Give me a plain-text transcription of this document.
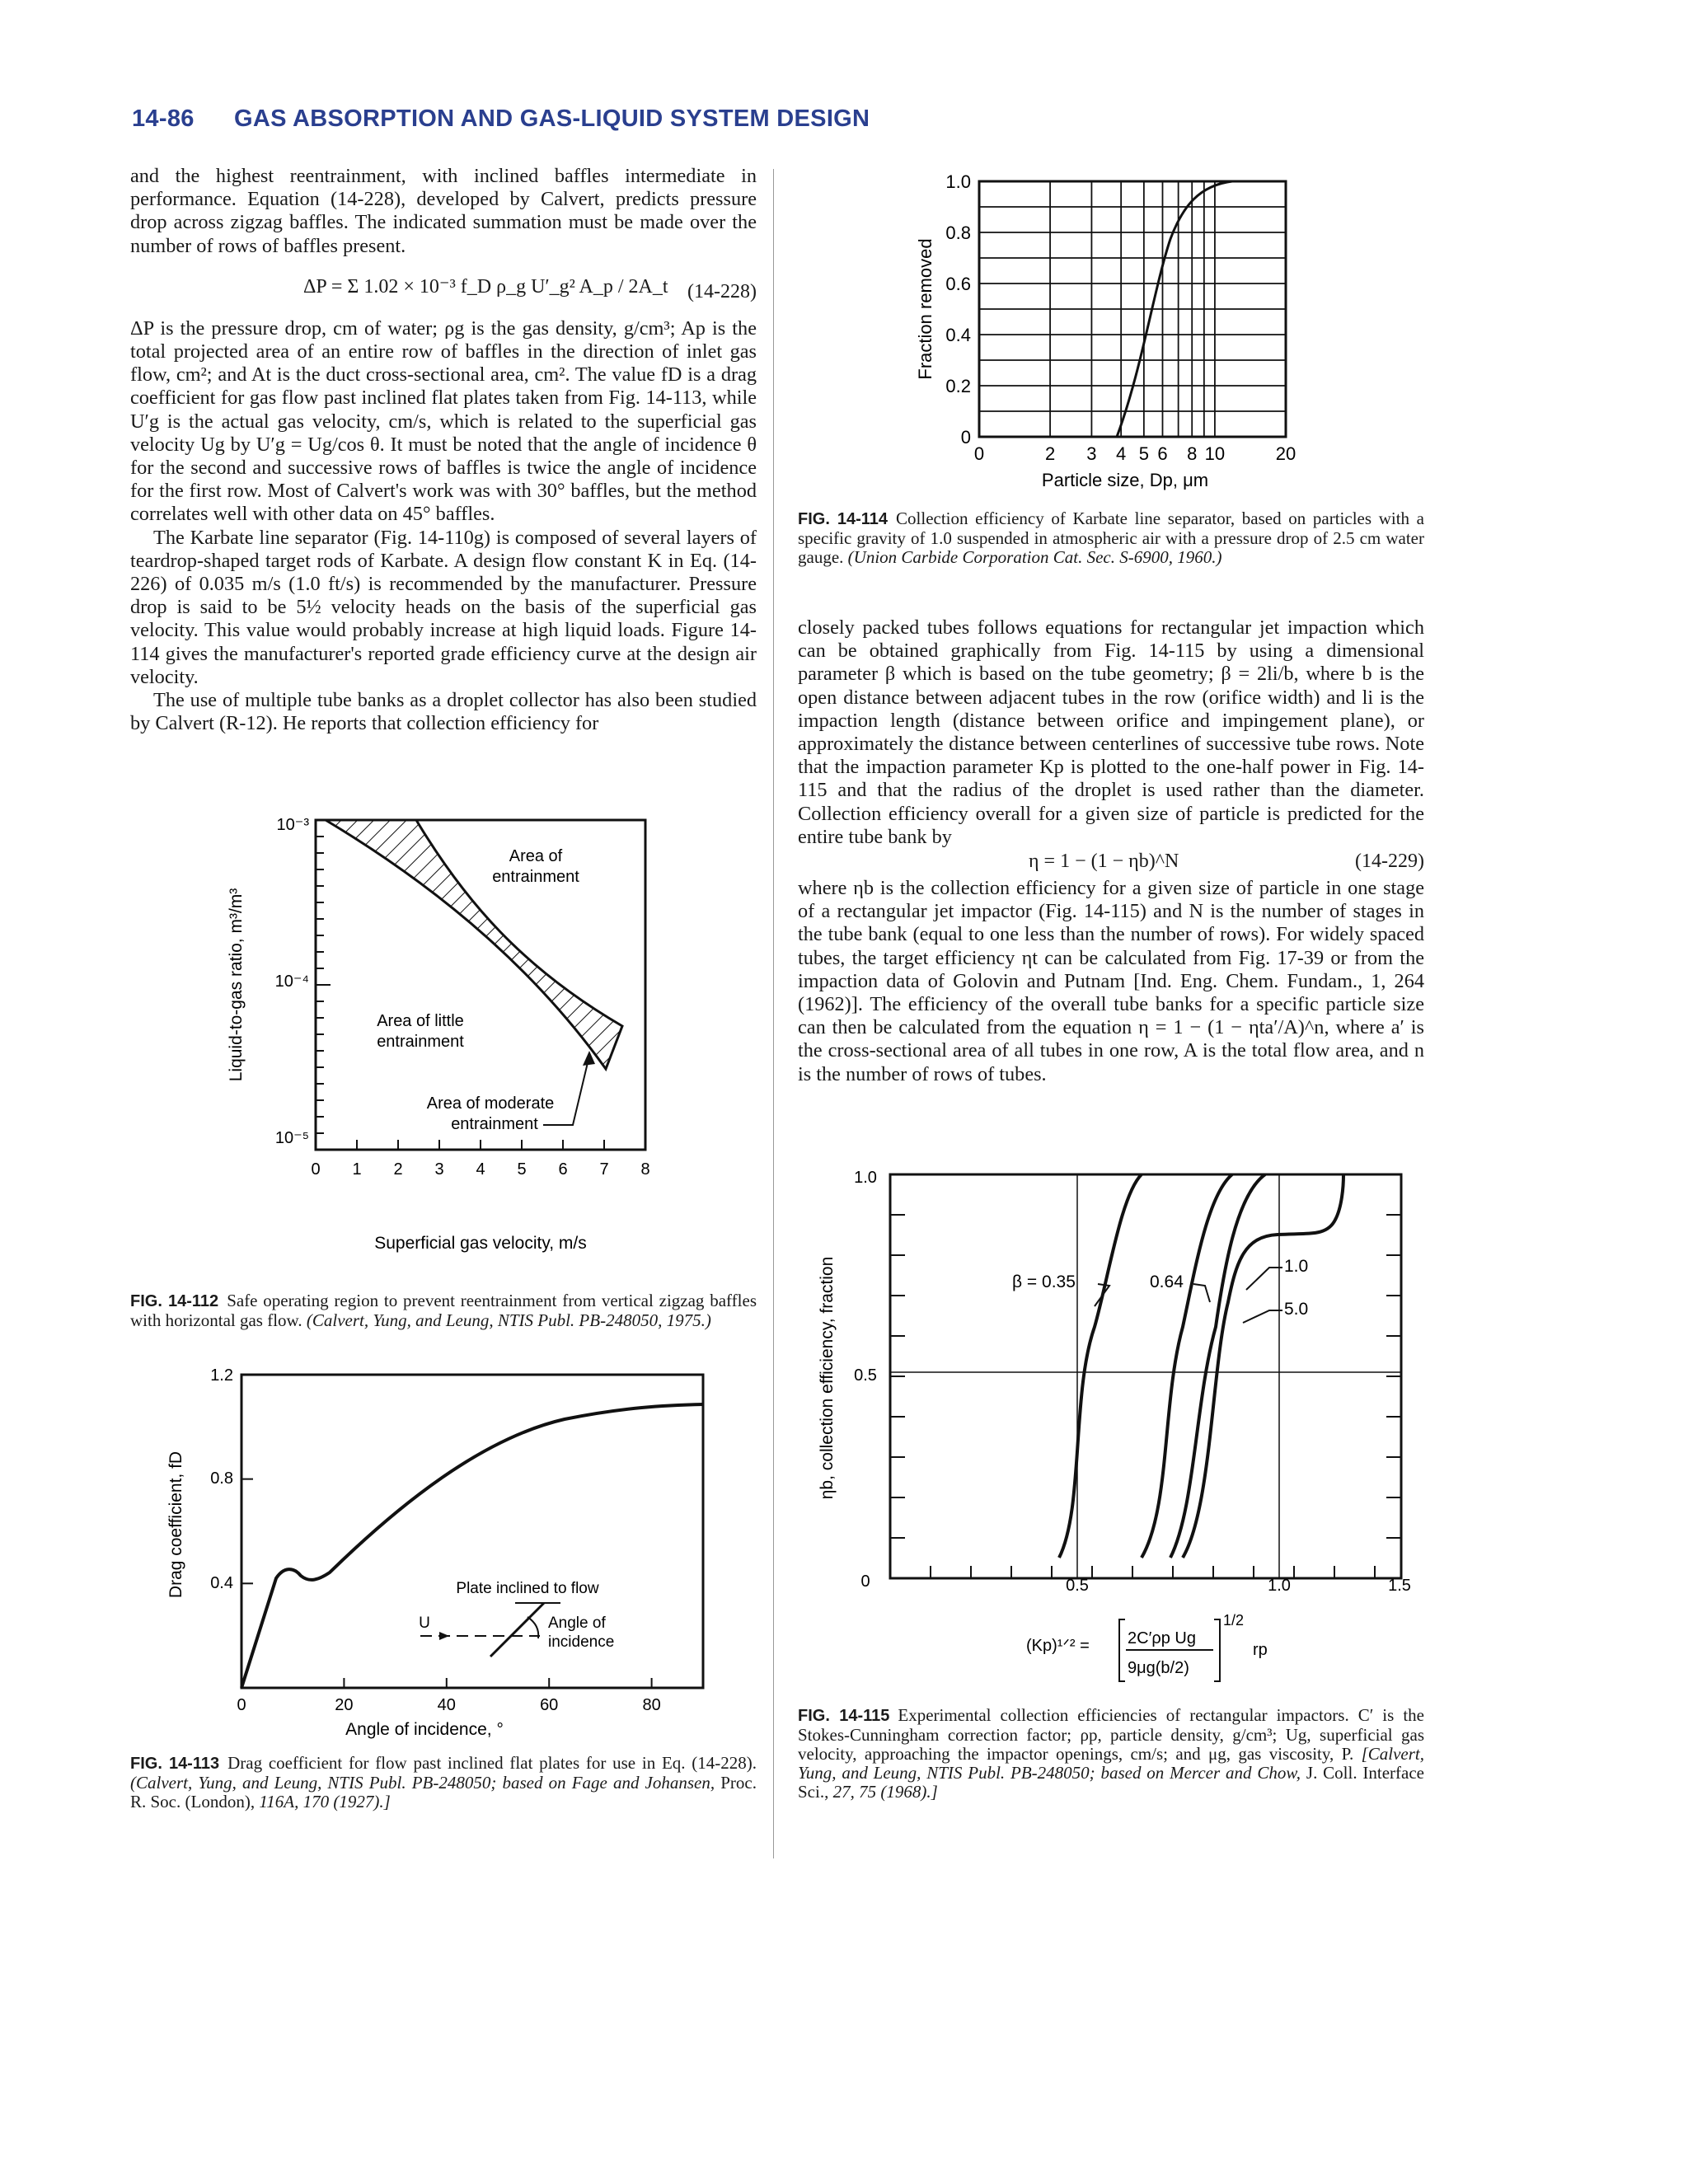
14-86 GAS ABSORPTION AND GAS-LIQUID SYSTEM DESIGN

and the highest reentrainment, with inclined baffles intermediate in performance. Equation (14-228), developed by Calvert, predicts pressure drop across zigzag baffles. The indicated summation must be made over the number of rows of baffles present.

ΔP = Σ 1.02 × 10⁻³ f_D ρ_g U′_g² A_p / 2A_t (14-228)

ΔP is the pressure drop, cm of water; ρg is the gas density, g/cm³; Ap is the total projected area of an entire row of baffles in the direction of inlet gas flow, cm²; and At is the duct cross-sectional area, cm². The value fD is a drag coefficient for gas flow past inclined flat plates taken from Fig. 14-113, while U′g is the actual gas velocity, cm/s, which is related to the superficial gas velocity Ug by U′g = Ug/cos θ. It must be noted that the angle of incidence θ for the second and successive rows of baffles is twice the angle of incidence for the first row. Most of Calvert's work was with 30° baffles, but the method correlates well with other data on 45° baffles.

The Karbate line separator (Fig. 14-110g) is composed of several layers of teardrop-shaped target rods of Karbate. A design flow constant K in Eq. (14-226) of 0.035 m/s (1.0 ft/s) is recommended by the manufacturer. Pressure drop is said to be 5½ velocity heads on the basis of the superficial gas velocity. This value would probably increase at high liquid loads. Figure 14-114 gives the manufacturer's reported grade efficiency curve at the design air velocity.

The use of multiple tube banks as a droplet collector has also been studied by Calvert (R-12). He reports that collection efficiency for

10⁻³
10⁻⁴
10⁻⁵
0 1 2 3 4 5 6 7 8
Liquid-to-gas ratio, m³/m³
Superficial gas velocity, m/s
Area of
entrainment
Area of little
entrainment
Area of moderate
entrainment
FIG. 14-112 Safe operating region to prevent reentrainment from vertical zigzag baffles with horizontal gas flow. (Calvert, Yung, and Leung, NTIS Publ. PB-248050, 1975.)
1.2
0.8
0.4
0	20	40	60	80
Drag coefficient, fD
Angle of incidence, °
Plate inclined to flow
U	Angle of
incidence
FIG. 14-113 Drag coefficient for flow past inclined flat plates for use in Eq. (14-228). (Calvert, Yung, and Leung, NTIS Publ. PB-248050; based on Fage and Johansen, Proc. R. Soc. (London), 116A, 170 (1927).]
1.0
0.8
0.6
0.4
0.2
0
0	2 3 4 5 6 8 10	20
Fraction removed
Particle size, Dp, μm
FIG. 14-114 Collection efficiency of Karbate line separator, based on particles with a specific gravity of 1.0 suspended in atmospheric air with a pressure drop of 2.5 cm water gauge. (Union Carbide Corporation Cat. Sec. S-6900, 1960.)

closely packed tubes follows equations for rectangular jet impaction which can be obtained graphically from Fig. 14-115 by using a dimensional parameter β which is based on the tube geometry; β = 2li/b, where b is the open distance between adjacent tubes in the row (orifice width) and li is the impaction length (distance between orifice and impingement plane), or approximately the distance between centerlines of successive tube rows. Note that the impaction parameter Kp is plotted to the one-half power in Fig. 14-115 and that the radius of the droplet is used rather than the diameter. Collection efficiency overall for a given size of particle is predicted for the entire tube bank by

η = 1 − (1 − ηb)^N	(14-229)

where ηb is the collection efficiency for a given size of particle in one stage of a rectangular jet impactor (Fig. 14-115) and N is the number of stages in the tube bank (equal to one less than the number of rows). For widely spaced tubes, the target efficiency ηt can be calculated from Fig. 17-39 or from the impaction data of Golovin and Putnam [Ind. Eng. Chem. Fundam., 1, 264 (1962)]. The efficiency of the overall tube banks for a specific particle size can then be calculated from the equation η = 1 − (1 − ηta′/A)^n, where a′ is the cross-sectional area of all tubes in one row, A is the total flow area, and n is the number of rows of tubes.

1.0
0.5
0	0.5	1.0	1.5
ηb, collection efficiency, fraction	β = 0.35	0.64
1.0
5.0
(Kp)¹ᐟ² = 2C′ρp Ug
9μg(b/2)
1/2
rp
FIG. 14-115 Experimental collection efficiencies of rectangular impactors. C′ is the Stokes-Cunningham correction factor; ρp, particle density, g/cm³; Ug, superficial gas velocity, approaching the impactor openings, cm/s; and μg, gas viscosity, P. [Calvert, Yung, and Leung, NTIS Publ. PB-248050; based on Mercer and Chow, J. Coll. Interface Sci., 27, 75 (1968).]
